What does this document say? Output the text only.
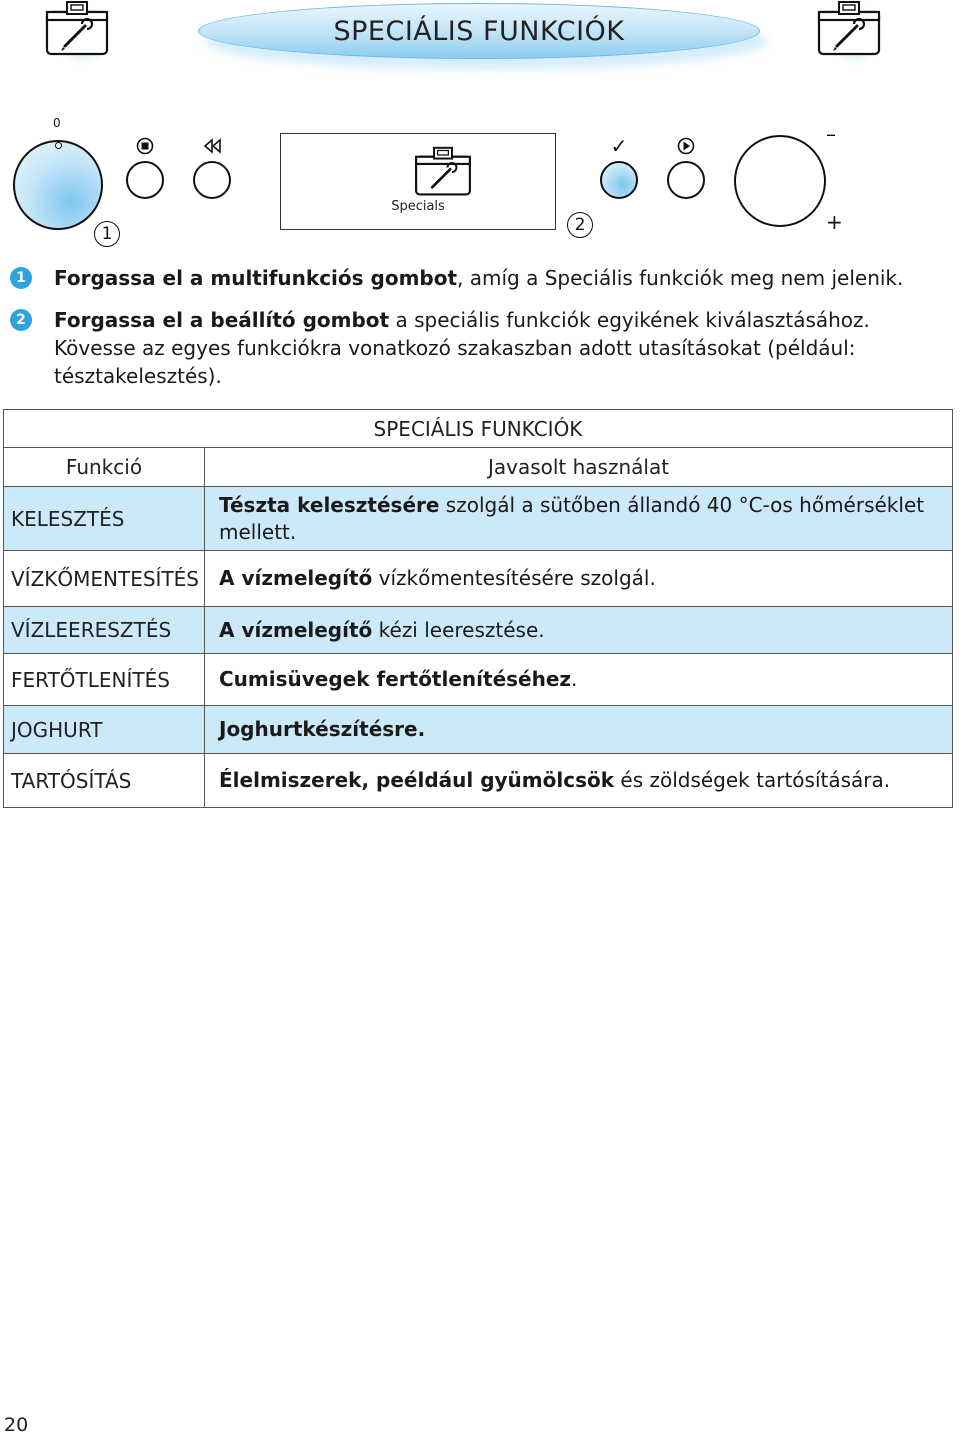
SPECIÁLIS FUNKCIÓK
0
1
Specials
2
✓	–
+
1	Forgassa el a multifunkciós gombot, amíg a Speciális funkciók meg nem jelenik.
2	Forgassa el a beállító gombot a speciális funkciók egyikének kiválasztásához. Kövesse az egyes funkciókra vonatkozó szakaszban adott utasításokat (például: tésztakelesztés).
SPECIÁLIS FUNKCIÓK	
Funkció	Javasolt használat
KELESZTÉS	Tészta kelesztésére szolgál a sütőben állandó 40 °C-os hőmérséklet mellett.
VÍZKŐMENTESÍTÉS	A vízmelegítő vízkőmentesítésére szolgál.
VÍZLEERESZTÉS	A vízmelegítő kézi leeresztése.
FERTŐTLENÍTÉS	Cumisüvegek fertőtlenítéséhez.
JOGHURT	Joghurtkészítésre.
TARTÓSÍTÁS	Élelmiszerek, peéldául gyümölcsök és zöldségek tartósítására.
20
